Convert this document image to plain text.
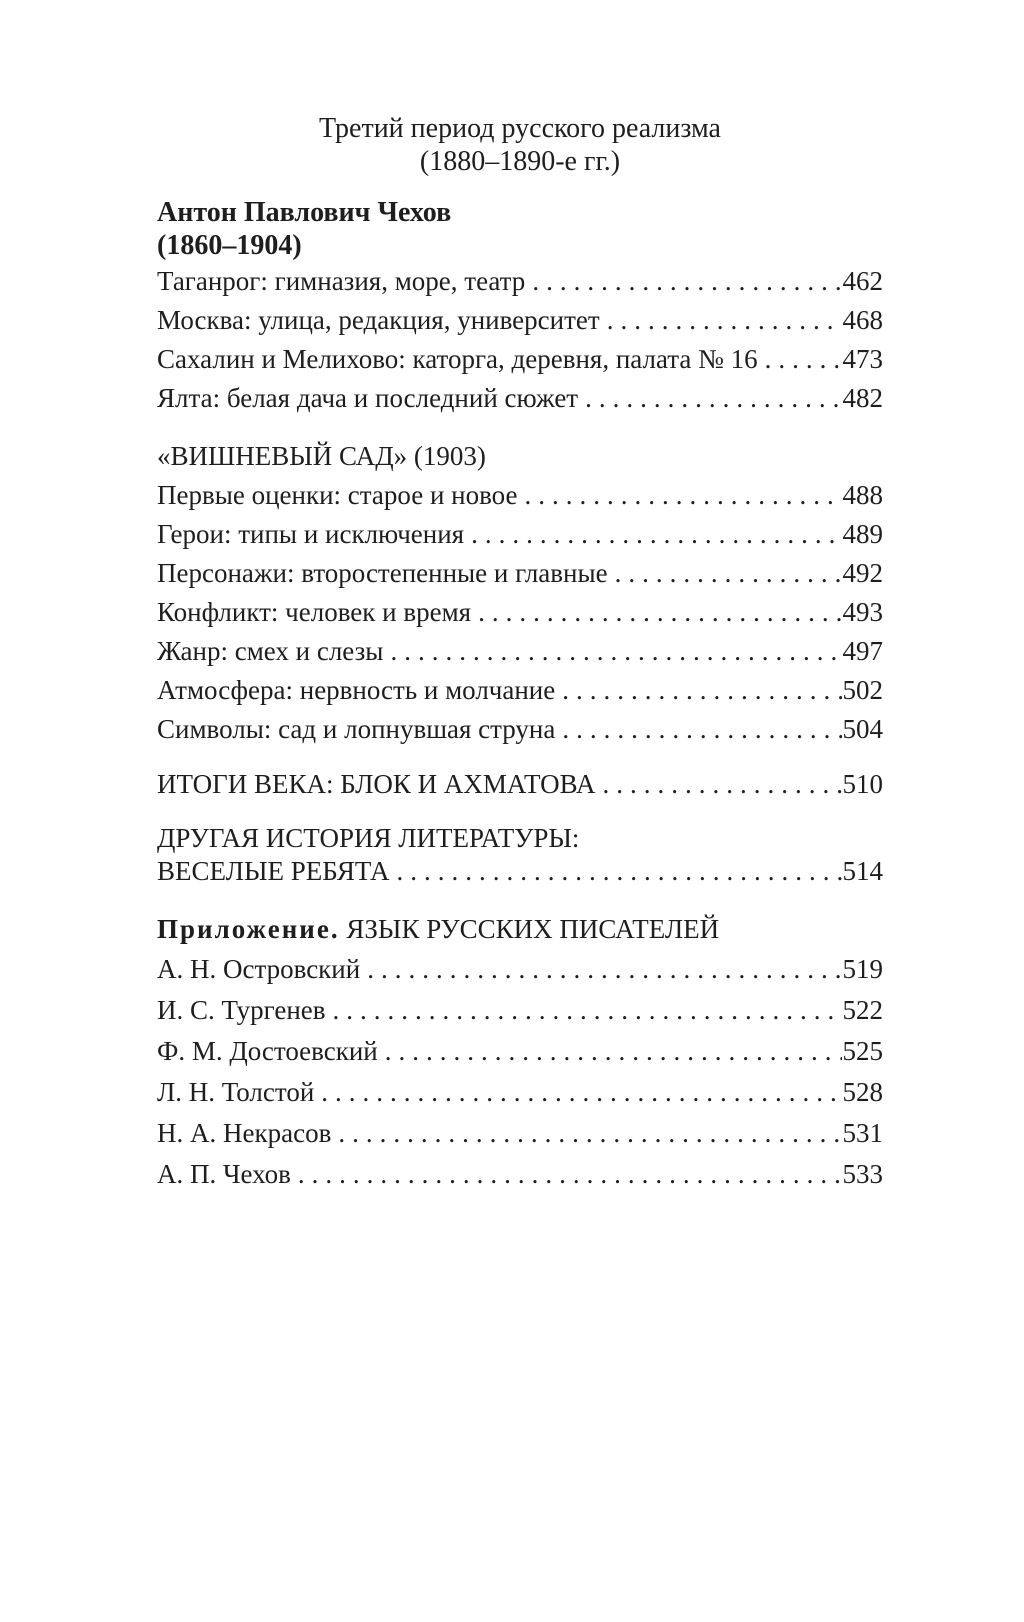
Третий период русского реализма
(1880–1890-е гг.)
Антон Павлович Чехов
(1860–1904)
Таганрог: гимназия, море, театр .....	462
Москва: улица, редакция, университет .....	468
Сахалин и Мелихово: каторга, деревня, палата № 16 .....	473
Ялта: белая дача и последний сюжет .....	482
«ВИШНЕВЫЙ САД» (1903)
Первые оценки: старое и новое .....	488
Герои: типы и исключения .....	489
Персонажи: второстепенные и главные .....	492
Конфликт: человек и время .....	493
Жанр: смех и слезы .....	497
Атмосфера: нервность и молчание .....	502
Символы: сад и лопнувшая струна .....	504
ИТОГИ ВЕКА: БЛОК И АХМАТОВА .....	510
ДРУГАЯ ИСТОРИЯ ЛИТЕРАТУРЫ:
ВЕСЕЛЫЕ РЕБЯТА .....	514
Приложение. ЯЗЫК РУССКИХ ПИСАТЕЛЕЙ
А. Н. Островский .....	519
И. С. Тургенев .....	522
Ф. М. Достоевский .....	525
Л. Н. Толстой .....	528
Н. А. Некрасов .....	531
А. П. Чехов .....	533
